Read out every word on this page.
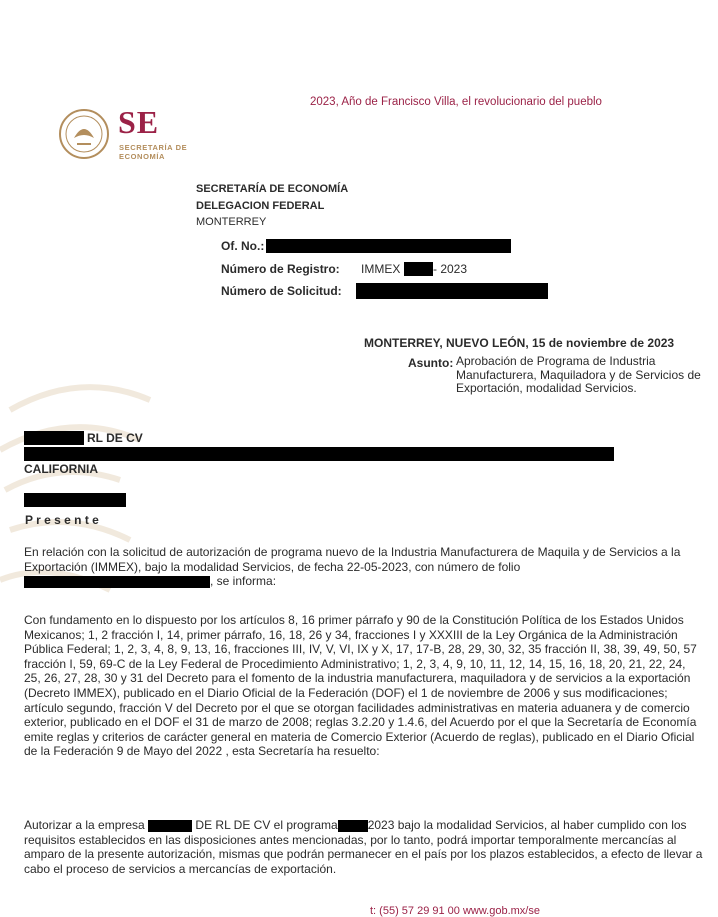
2023, Año de Francisco Villa, el revolucionario del pueblo
SE
SECRETARÍA DE
ECONOMÍA
SECRETARÍA DE ECONOMÍA
DELEGACION FEDERAL
MONTERREY
Of. No.:
Número de Registro: IMMEX	- 2023
Número de Solicitud:
MONTERREY, NUEVO LEÓN, 15 de noviembre de 2023
Asunto: Aprobación de Programa de Industria Manufacturera, Maquiladora y de Servicios de Exportación, modalidad Servicios.
RL DE CV
CALIFORNIA
P r e s e n t e
En relación con la solicitud de autorización de programa nuevo de la Industria Manufacturera de Maquila y de Servicios a la Exportación (IMMEX), bajo la modalidad Servicios, de fecha 22-05-2023, con número de folio , se informa:
Con fundamento en lo dispuesto por los artículos 8, 16 primer párrafo y 90 de la Constitución Política de los Estados Unidos Mexicanos; 1, 2 fracción I, 14, primer párrafo, 16, 18, 26 y 34, fracciones I y XXXIII de la Ley Orgánica de la Administración Pública Federal; 1, 2, 3, 4, 8, 9, 13, 16, fracciones III, IV, V, VI, IX y X, 17, 17-B, 28, 29, 30, 32, 35 fracción II, 38, 39, 49, 50, 57 fracción I, 59, 69-C de la Ley Federal de Procedimiento Administrativo; 1, 2, 3, 4, 9, 10, 11, 12, 14, 15, 16, 18, 20, 21, 22, 24, 25, 26, 27, 28, 30 y 31 del Decreto para el fomento de la industria manufacturera, maquiladora y de servicios a la exportación (Decreto IMMEX), publicado en el Diario Oficial de la Federación (DOF) el 1 de noviembre de 2006 y sus modificaciones; artículo segundo, fracción V del Decreto por el que se otorgan facilidades administrativas en materia aduanera y de comercio exterior, publicado en el DOF el 31 de marzo de 2008; reglas 3.2.20 y 1.4.6, del Acuerdo por el que la Secretaría de Economía emite reglas y criterios de carácter general en materia de Comercio Exterior (Acuerdo de reglas), publicado en el Diario Oficial de la Federación 9 de Mayo del 2022 , esta Secretaría ha resuelto:
Autorizar a la empresa	DE RL DE CV el programa	2023 bajo la modalidad Servicios, al haber cumplido con los requisitos establecidos en las disposiciones antes mencionadas, por lo tanto, podrá importar temporalmente mercancías al amparo de la presente autorización, mismas que podrán permanecer en el país por los plazos establecidos, a efecto de llevar a cabo el proceso de servicios a mercancías de exportación.
t: (55) 57 29 91 00 www.gob.mx/se
